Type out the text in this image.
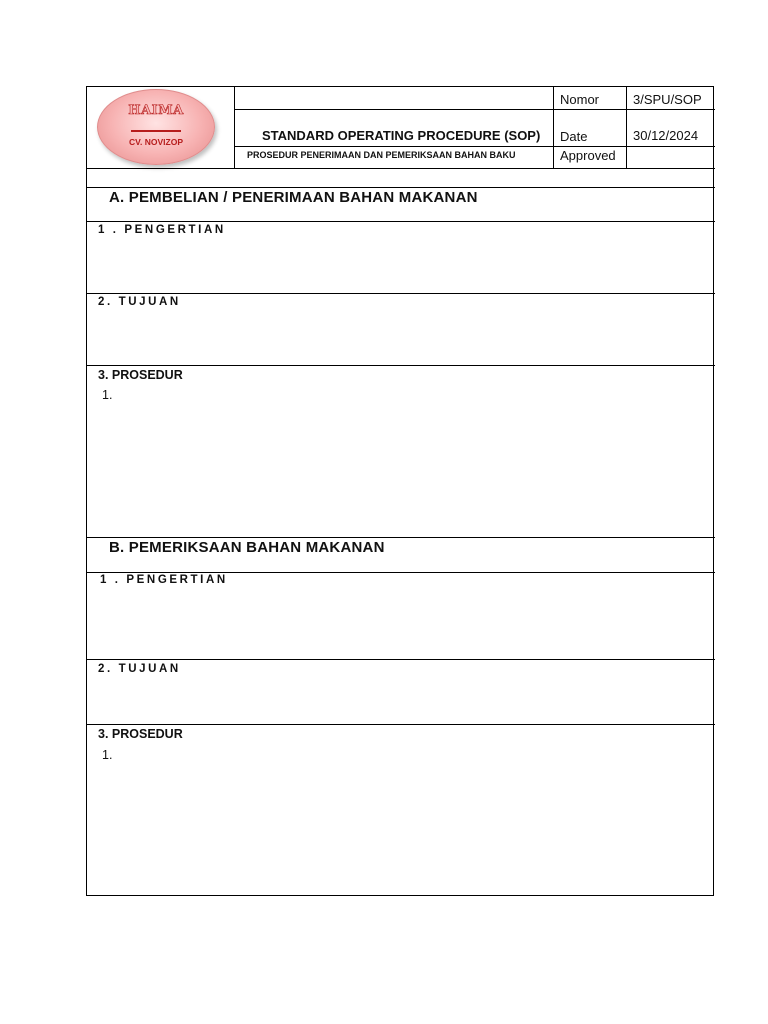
HAIMA
CV. NOVIZOP	STANDARD OPERATING PROCEDURE (SOP)
PROSEDUR PENERIMAAN DAN PEMERIKSAAN BAHAN BAKU
Nomor	3/SPU/SOP
Date	30/12/2024
Approved
A. PEMBELIAN / PENERIMAAN BAHAN MAKANAN
1 . PENGERTIAN
2. TUJUAN
3. PROSEDUR
1.
B. PEMERIKSAAN BAHAN MAKANAN
1 . PENGERTIAN
2. TUJUAN
3. PROSEDUR
1.
